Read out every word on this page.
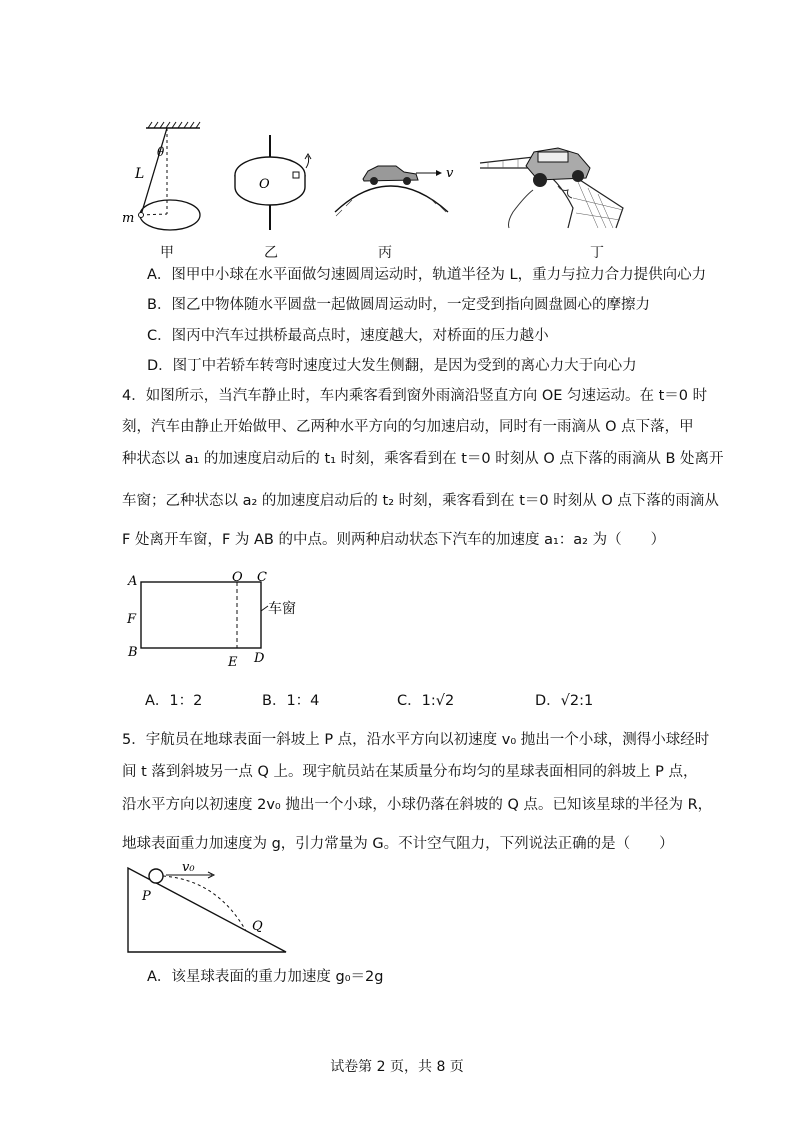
L
θ
m
甲
O
乙
v
丙	丁
A．图甲中小球在水平面做匀速圆周运动时，轨道半径为 L，重力与拉力合力提供向心力
B．图乙中物体随水平圆盘一起做圆周运动时，一定受到指向圆盘圆心的摩擦力
C．图丙中汽车过拱桥最高点时，速度越大，对桥面的压力越小
D．图丁中若轿车转弯时速度过大发生侧翻，是因为受到的离心力大于向心力
4．如图所示，当汽车静止时，车内乘客看到窗外雨滴沿竖直方向 OE 匀速运动。在 t＝0 时
刻，汽车由静止开始做甲、乙两种水平方向的匀加速启动，同时有一雨滴从 O 点下落，甲
种状态以 a₁ 的加速度启动后的 t₁ 时刻，乘客看到在 t＝0 时刻从 O 点下落的雨滴从 B 处离开
车窗；乙种状态以 a₂ 的加速度启动后的 t₂ 时刻，乘客看到在 t＝0 时刻从 O 点下落的雨滴从
F 处离开车窗，F 为 AB 的中点。则两种启动状态下汽车的加速度 a₁：a₂ 为（　　）
A	O C
F
B
E D
车窗
A．1：2	B．1：4	C．1:√2	D．√2:1
5．宇航员在地球表面一斜坡上 P 点，沿水平方向以初速度 v₀ 抛出一个小球，测得小球经时
间 t 落到斜坡另一点 Q 上。现宇航员站在某质量分布均匀的星球表面相同的斜坡上 P 点，
沿水平方向以初速度 2v₀ 抛出一个小球，小球仍落在斜坡的 Q 点。已知该星球的半径为 R，
地球表面重力加速度为 g，引力常量为 G。不计空气阻力，下列说法正确的是（　　）
v₀
P
Q
A．该星球表面的重力加速度 g₀＝2g
试卷第 2 页，共 8 页
